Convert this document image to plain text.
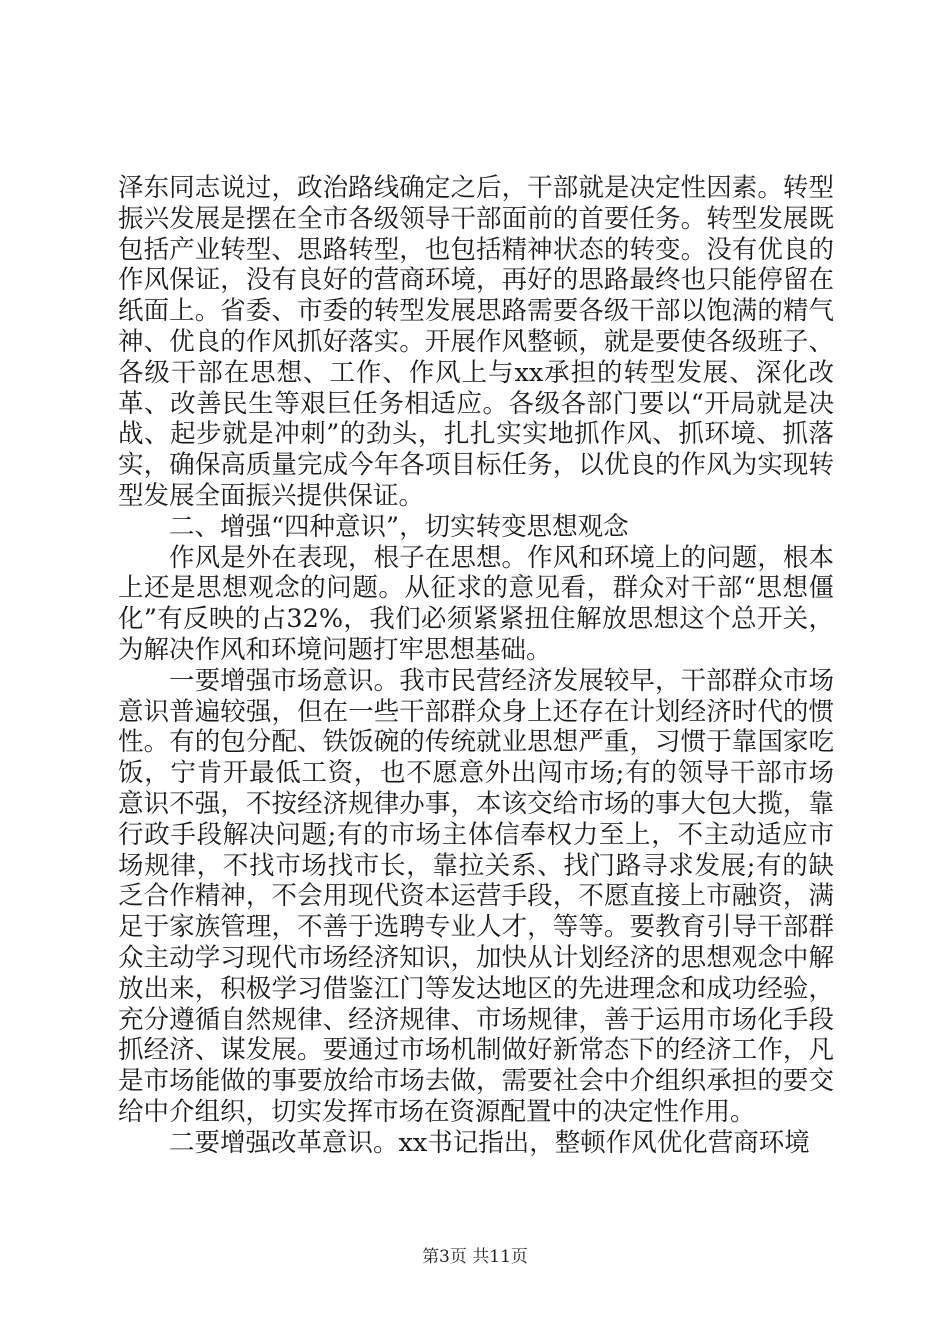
泽东同志说过，政治路线确定之后，干部就是决定性因素。转型振兴发展是摆在全市各级领导干部面前的首要任务。转型发展既包括产业转型、思路转型，也包括精神状态的转变。没有优良的作风保证，没有良好的营商环境，再好的思路最终也只能停留在纸面上。省委、市委的转型发展思路需要各级干部以饱满的精气神、优良的作风抓好落实。开展作风整顿，就是要使各级班子、各级干部在思想、工作、作风上与xx承担的转型发展、深化改革、改善民生等艰巨任务相适应。各级各部门要以“开局就是决战、起步就是冲刺”的劲头，扎扎实实地抓作风、抓环境、抓落实，确保高质量完成今年各项目标任务，以优良的作风为实现转型发展全面振兴提供保证。

二、增强“四种意识”，切实转变思想观念

作风是外在表现，根子在思想。作风和环境上的问题，根本上还是思想观念的问题。从征求的意见看，群众对干部“思想僵化”有反映的占32%，我们必须紧紧扭住解放思想这个总开关，为解决作风和环境问题打牢思想基础。

一要增强市场意识。我市民营经济发展较早，干部群众市场意识普遍较强，但在一些干部群众身上还存在计划经济时代的惯性。有的包分配、铁饭碗的传统就业思想严重，习惯于靠国家吃饭，宁肯开最低工资，也不愿意外出闯市场;有的领导干部市场意识不强，不按经济规律办事，本该交给市场的事大包大揽，靠行政手段解决问题;有的市场主体信奉权力至上，不主动适应市场规律，不找市场找市长，靠拉关系、找门路寻求发展;有的缺乏合作精神，不会用现代资本运营手段，不愿直接上市融资，满足于家族管理，不善于选聘专业人才，等等。要教育引导干部群众主动学习现代市场经济知识，加快从计划经济的思想观念中解放出来，积极学习借鉴江门等发达地区的先进理念和成功经验，充分遵循自然规律、经济规律、市场规律，善于运用市场化手段抓经济、谋发展。要通过市场机制做好新常态下的经济工作，凡是市场能做的事要放给市场去做，需要社会中介组织承担的要交给中介组织，切实发挥市场在资源配置中的决定性作用。

二要增强改革意识。xx书记指出，整顿作风优化营商环境

第3页 共11页
